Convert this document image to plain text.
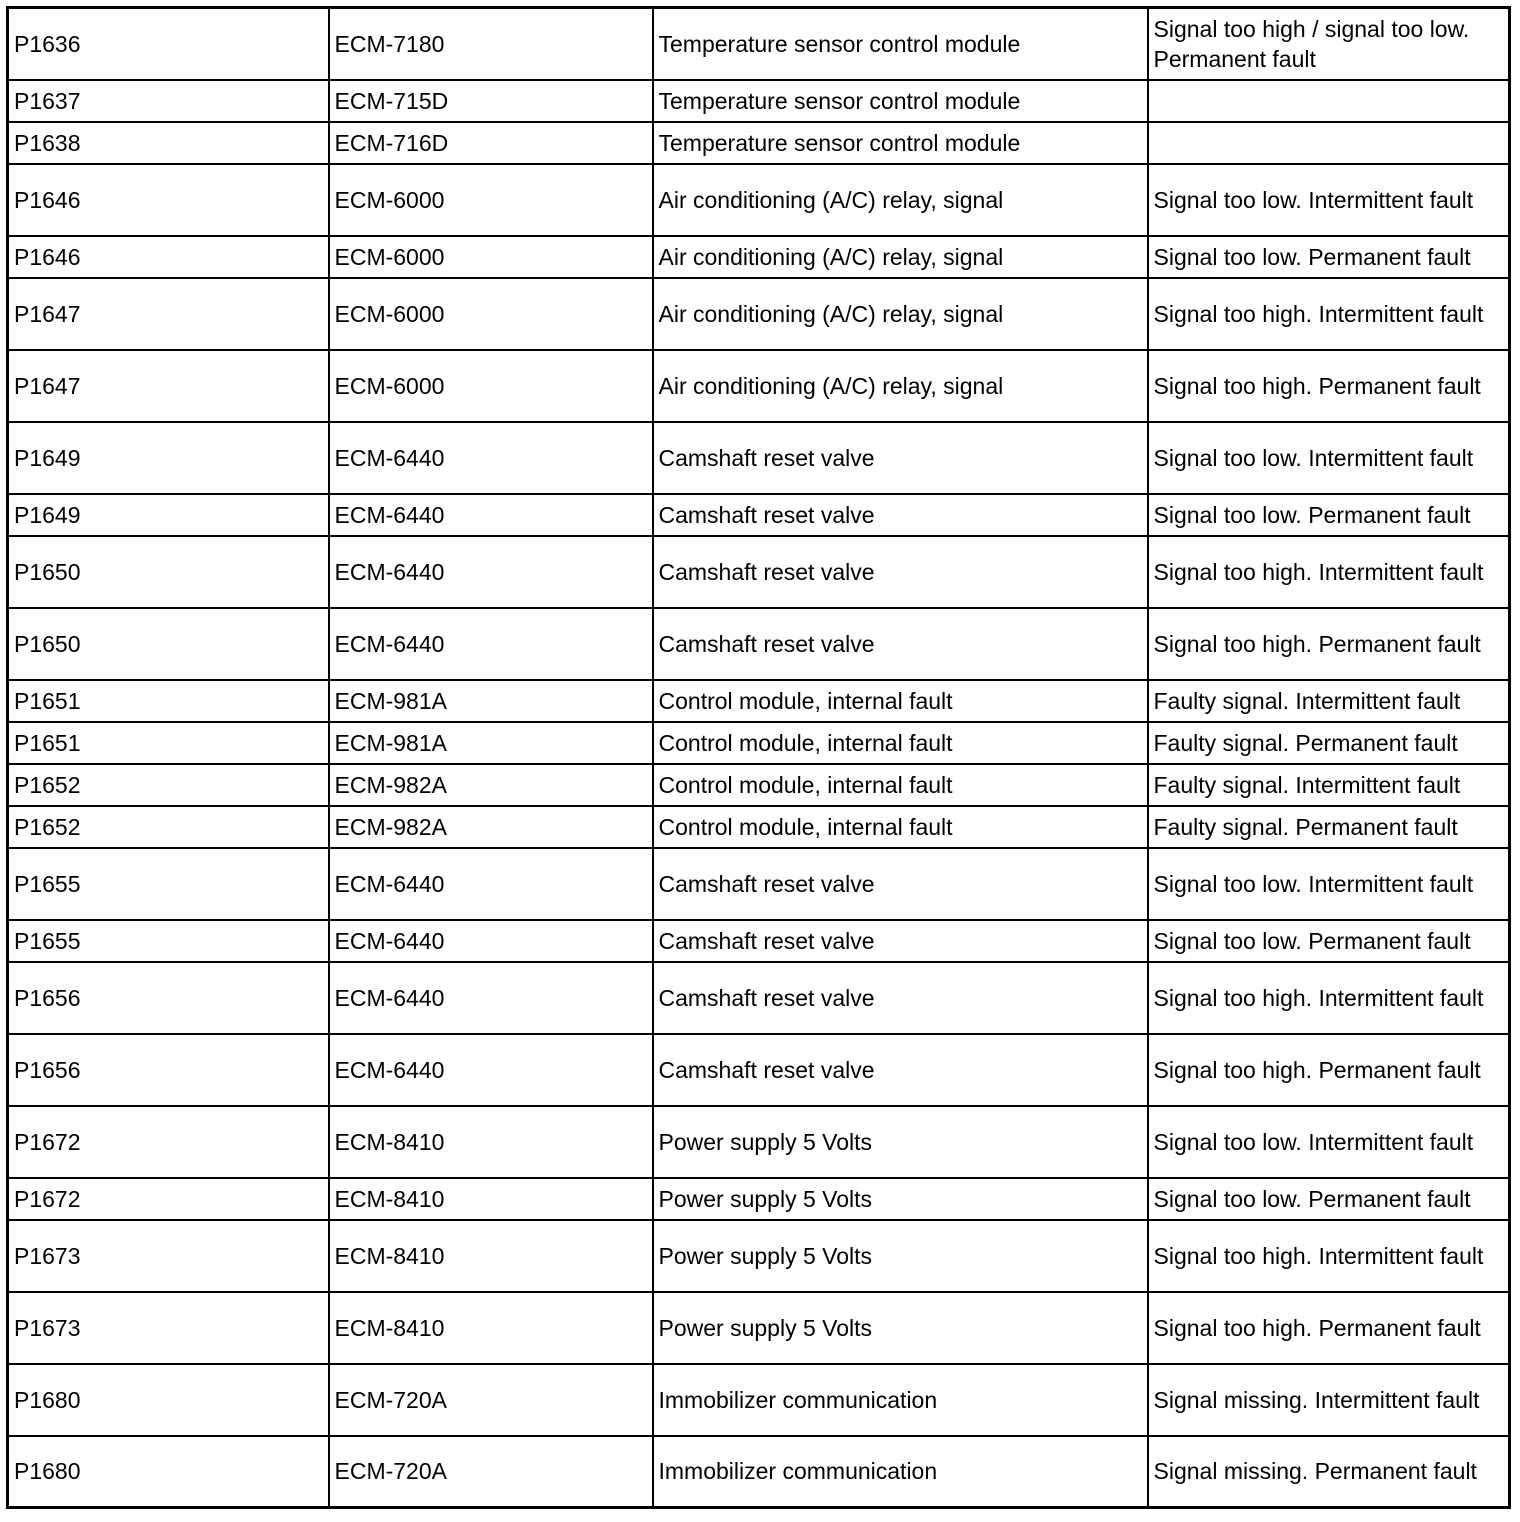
P1636	ECM-7180	Temperature sensor control module	Signal too high / signal too low. Permanent fault
P1637	ECM-715D	Temperature sensor control module	
P1638	ECM-716D	Temperature sensor control module	
P1646	ECM-6000	Air conditioning (A/C) relay, signal	Signal too low. Intermittent fault
P1646	ECM-6000	Air conditioning (A/C) relay, signal	Signal too low. Permanent fault
P1647	ECM-6000	Air conditioning (A/C) relay, signal	Signal too high. Intermittent fault
P1647	ECM-6000	Air conditioning (A/C) relay, signal	Signal too high. Permanent fault
P1649	ECM-6440	Camshaft reset valve	Signal too low. Intermittent fault
P1649	ECM-6440	Camshaft reset valve	Signal too low. Permanent fault
P1650	ECM-6440	Camshaft reset valve	Signal too high. Intermittent fault
P1650	ECM-6440	Camshaft reset valve	Signal too high. Permanent fault
P1651	ECM-981A	Control module, internal fault	Faulty signal. Intermittent fault
P1651	ECM-981A	Control module, internal fault	Faulty signal. Permanent fault
P1652	ECM-982A	Control module, internal fault	Faulty signal. Intermittent fault
P1652	ECM-982A	Control module, internal fault	Faulty signal. Permanent fault
P1655	ECM-6440	Camshaft reset valve	Signal too low. Intermittent fault
P1655	ECM-6440	Camshaft reset valve	Signal too low. Permanent fault
P1656	ECM-6440	Camshaft reset valve	Signal too high. Intermittent fault
P1656	ECM-6440	Camshaft reset valve	Signal too high. Permanent fault
P1672	ECM-8410	Power supply 5 Volts	Signal too low. Intermittent fault
P1672	ECM-8410	Power supply 5 Volts	Signal too low. Permanent fault
P1673	ECM-8410	Power supply 5 Volts	Signal too high. Intermittent fault
P1673	ECM-8410	Power supply 5 Volts	Signal too high. Permanent fault
P1680	ECM-720A	Immobilizer communication	Signal missing. Intermittent fault
P1680	ECM-720A	Immobilizer communication	Signal missing. Permanent fault
